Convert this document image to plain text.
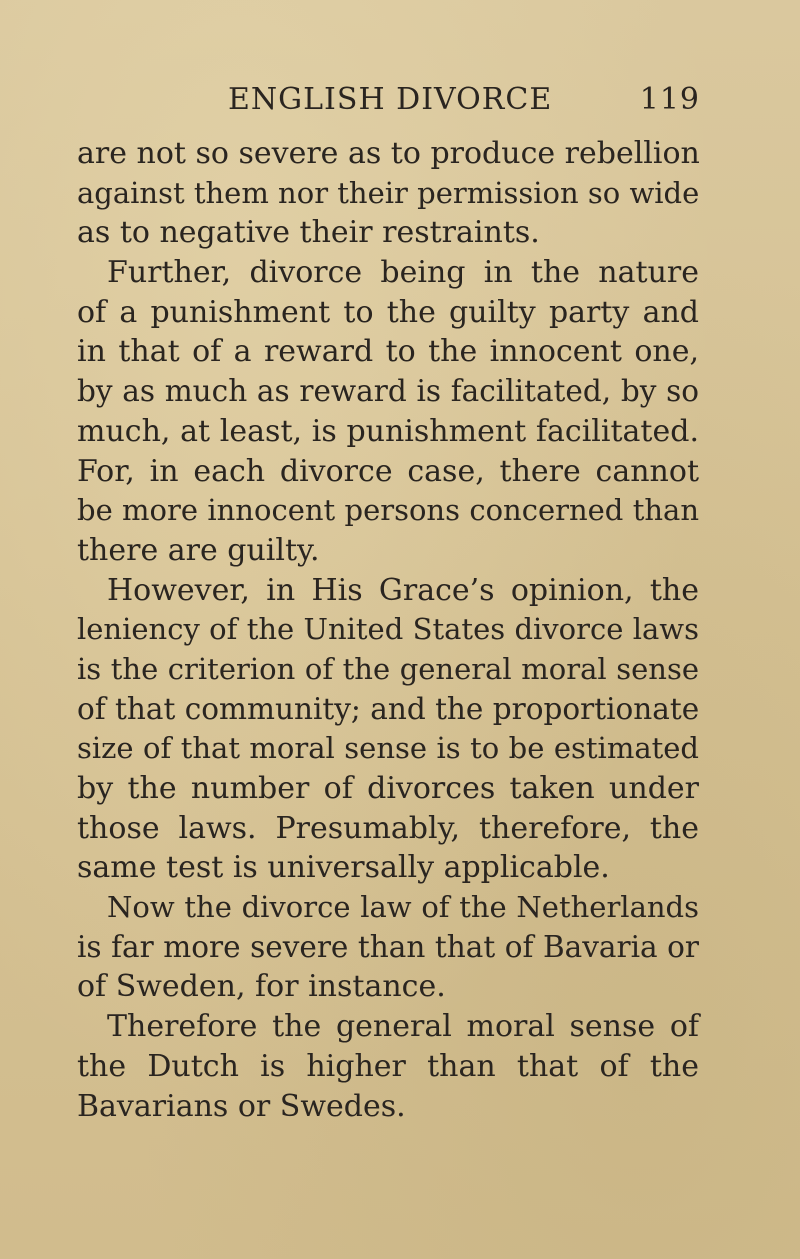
ENGLISH DIVORCE	119
are not so severe as to produce rebellion
against them nor their permission so wide
as to negative their restraints.
Further, divorce being in the nature
of a punishment to the guilty party and
in that of a reward to the innocent one,
by as much as reward is facilitated, by so
much, at least, is punishment facilitated.
For, in each divorce case, there cannot
be more innocent persons concerned than
there are guilty.
However, in His Grace’s opinion, the
leniency of the United States divorce laws
is the criterion of the general moral sense
of that community; and the proportionate
size of that moral sense is to be estimated
by the number of divorces taken under
those laws. Presumably, therefore, the
same test is universally applicable.
Now the divorce law of the Netherlands
is far more severe than that of Bavaria or
of Sweden, for instance.
Therefore the general moral sense of
the Dutch is higher than that of the
Bavarians or Swedes.
